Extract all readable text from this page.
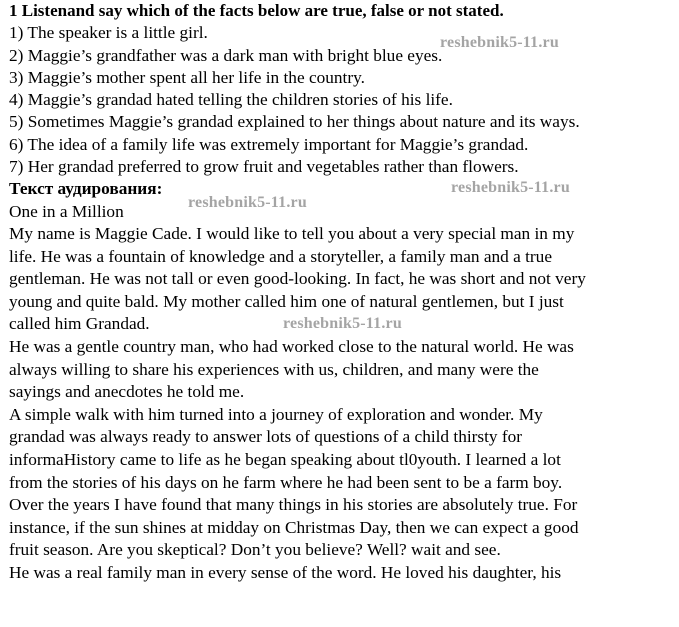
1 Listenand say which of the facts below are true, false or not stated.
1) The speaker is a little girl.
2) Maggie’s grandfather was a dark man with bright blue eyes.
3) Maggie’s mother spent all her life in the country.
4) Maggie’s grandad hated telling the children stories of his life.
5) Sometimes Maggie’s grandad explained to her things about nature and its ways.
6) The idea of a family life was extremely important for Maggie’s grandad.
7) Her grandad preferred to grow fruit and vegetables rather than flowers.
Текст аудирования:
One in a Million

My name is Maggie Cade. I would like to tell you about a very special man in my
life. He was a fountain of knowledge and a storyteller, a family man and a true
gentleman. He was not tall or even good-looking. In fact, he was short and not very
young and quite bald. My mother called him one of natural gentlemen, but I just
called him Grandad.

He was a gentle country man, who had worked close to the natural world. He was
always willing to share his experiences with us, children, and many were the
sayings and anecdotes he told me.

A simple walk with him turned into a journey of exploration and wonder. My
grandad was always ready to answer lots of questions of a child thirsty for
informaHistory came to life as he began speaking about tl0youth. I learned a lot
from the stories of his days on he farm where he had been sent to be a farm boy.
Over the years I have found that many things in his stories are absolutely true. For
instance, if the sun shines at midday on Christmas Day, then we can expect a good
fruit season. Are you skeptical? Don’t you believe? Well? wait and see.

He was a real family man in every sense of the word. He loved his daughter, his

reshebnik5-11.ru
reshebnik5-11.ru
reshebnik5-11.ru
reshebnik5-11.ru
